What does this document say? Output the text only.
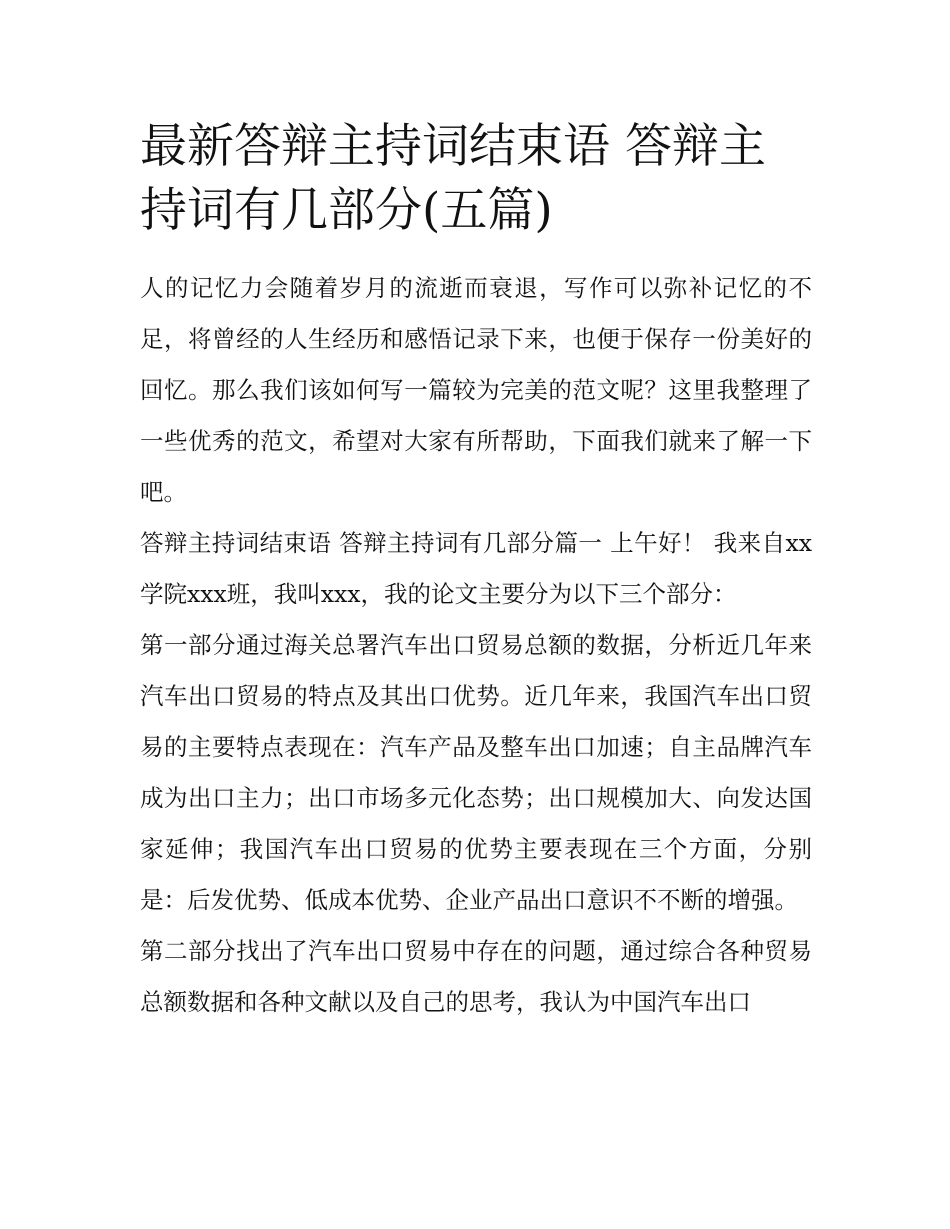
最新答辩主持词结束语 答辩主持词有几部分(五篇)

人的记忆力会随着岁月的流逝而衰退，写作可以弥补记忆的不足，将曾经的人生经历和感悟记录下来，也便于保存一份美好的回忆。那么我们该如何写一篇较为完美的范文呢？这里我整理了一些优秀的范文，希望对大家有所帮助，下面我们就来了解一下吧。

答辩主持词结束语 答辩主持词有几部分篇一 上午好！ 我来自xx学院xxx班，我叫xxx，我的论文主要分为以下三个部分：

第一部分通过海关总署汽车出口贸易总额的数据，分析近几年来汽车出口贸易的特点及其出口优势。近几年来，我国汽车出口贸易的主要特点表现在：汽车产品及整车出口加速；自主品牌汽车成为出口主力；出口市场多元化态势；出口规模加大、向发达国家延伸；我国汽车出口贸易的优势主要表现在三个方面，分别是：后发优势、低成本优势、企业产品出口意识不不断的增强。

第二部分找出了汽车出口贸易中存在的问题，通过综合各种贸易总额数据和各种文献以及自己的思考，我认为中国汽车出口
